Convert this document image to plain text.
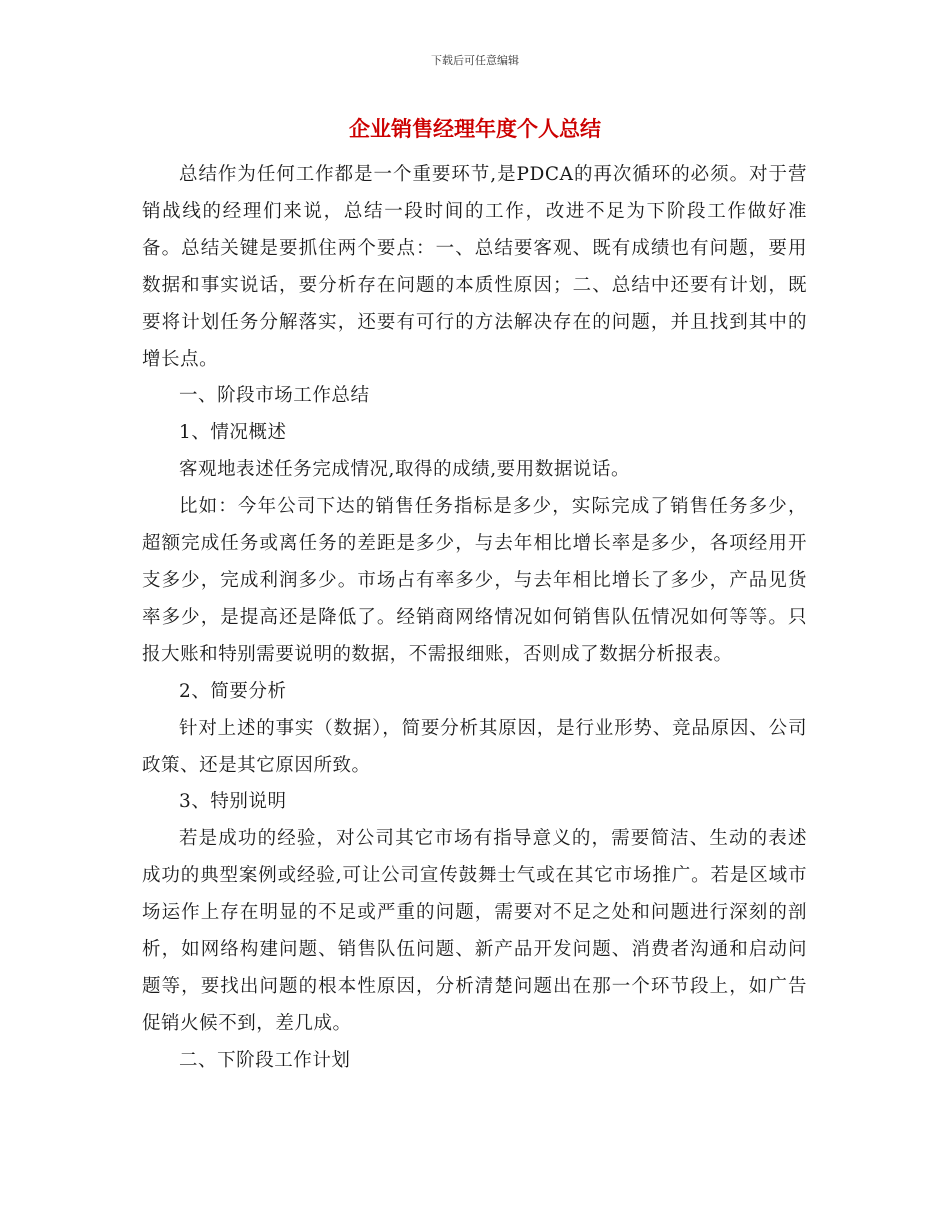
下载后可任意编辑
企业销售经理年度个人总结

总结作为任何工作都是一个重要环节,是PDCA的再次循环的必须。对于营销战线的经理们来说，总结一段时间的工作，改进不足为下阶段工作做好准备。总结关键是要抓住两个要点：一、总结要客观、既有成绩也有问题，要用数据和事实说话，要分析存在问题的本质性原因；二、总结中还要有计划，既要将计划任务分解落实，还要有可行的方法解决存在的问题，并且找到其中的增长点。

一、阶段市场工作总结

1、情况概述

客观地表述任务完成情况,取得的成绩,要用数据说话。

比如：今年公司下达的销售任务指标是多少，实际完成了销售任务多少，超额完成任务或离任务的差距是多少，与去年相比增长率是多少，各项经用开支多少，完成利润多少。市场占有率多少，与去年相比增长了多少，产品见货率多少，是提高还是降低了。经销商网络情况如何销售队伍情况如何等等。只报大账和特别需要说明的数据，不需报细账，否则成了数据分析报表。

2、简要分析

针对上述的事实（数据），简要分析其原因，是行业形势、竞品原因、公司政策、还是其它原因所致。

3、特别说明

若是成功的经验，对公司其它市场有指导意义的，需要简洁、生动的表述成功的典型案例或经验,可让公司宣传鼓舞士气或在其它市场推广。若是区域市场运作上存在明显的不足或严重的问题，需要对不足之处和问题进行深刻的剖析，如网络构建问题、销售队伍问题、新产品开发问题、消费者沟通和启动问题等，要找出问题的根本性原因，分析清楚问题出在那一个环节段上，如广告促销火候不到，差几成。

二、下阶段工作计划
